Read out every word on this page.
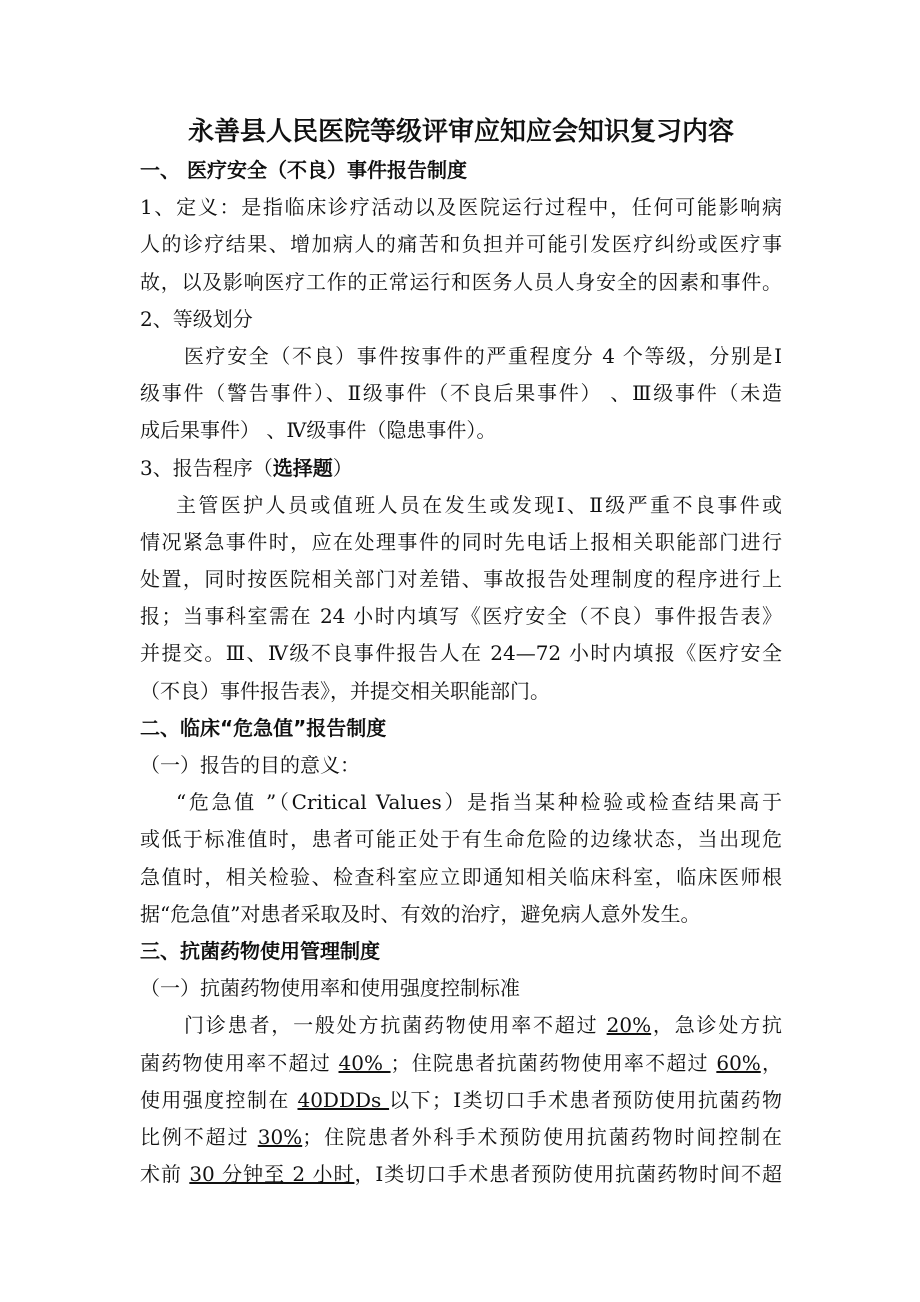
永善县人民医院等级评审应知应会知识复习内容
一、 医疗安全（不良）事件报告制度
1、定义：是指临床诊疗活动以及医院运行过程中，任何可能影响病
人的诊疗结果、增加病人的痛苦和负担并可能引发医疗纠纷或医疗事
故，以及影响医疗工作的正常运行和医务人员人身安全的因素和事件。
2、等级划分
医疗安全（不良）事件按事件的严重程度分 4 个等级，分别是Ⅰ
级事件（警告事件）、Ⅱ级事件（不良后果事件） 、Ⅲ级事件（未造
成后果事件） 、Ⅳ级事件（隐患事件）。
3、报告程序（选择题）
主管医护人员或值班人员在发生或发现Ⅰ、Ⅱ级严重不良事件或
情况紧急事件时，应在处理事件的同时先电话上报相关职能部门进行
处置，同时按医院相关部门对差错、事故报告处理制度的程序进行上
报；当事科室需在 24 小时内填写《医疗安全（不良）事件报告表》
并提交。Ⅲ、Ⅳ级不良事件报告人在 24—72 小时内填报《医疗安全
（不良）事件报告表》，并提交相关职能部门。
二、临床“危急值”报告制度
（一）报告的目的意义：
“危急值 ”（Critical Values）是指当某种检验或检查结果高于
或低于标准值时，患者可能正处于有生命危险的边缘状态，当出现危
急值时，相关检验、检查科室应立即通知相关临床科室，临床医师根
据“危急值”对患者采取及时、有效的治疗，避免病人意外发生。
三、抗菌药物使用管理制度
（一）抗菌药物使用率和使用强度控制标准
门诊患者，一般处方抗菌药物使用率不超过 20%，急诊处方抗
菌药物使用率不超过 40% ；住院患者抗菌药物使用率不超过 60%，
使用强度控制在 40DDDs 以下；Ⅰ类切口手术患者预防使用抗菌药物
比例不超过 30%；住院患者外科手术预防使用抗菌药物时间控制在
术前 30 分钟至 2 小时，Ⅰ类切口手术患者预防使用抗菌药物时间不超
